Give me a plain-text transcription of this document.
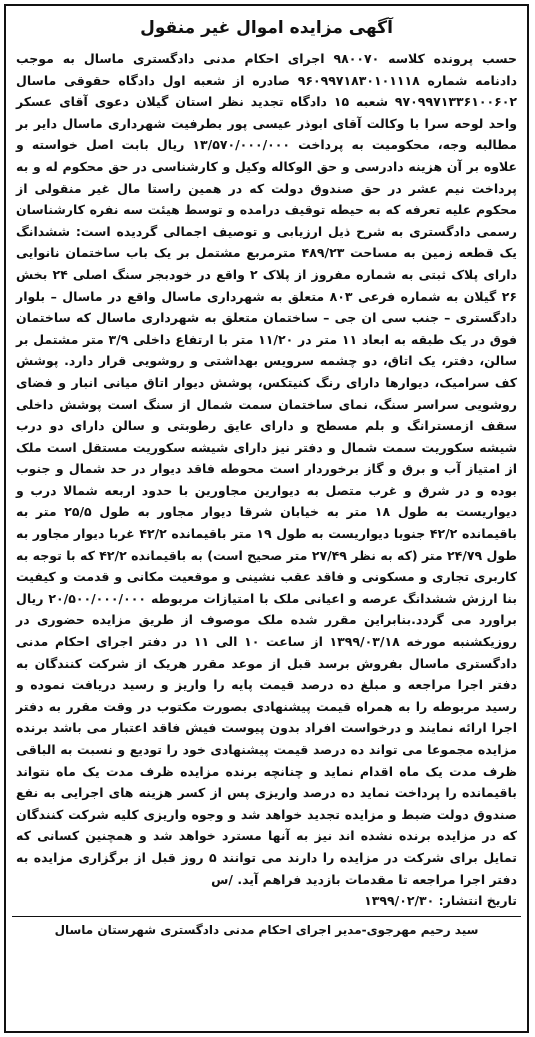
آگهی مزایده اموال غیر منقول

حسب پرونده کلاسه ۹۸۰۰۷۰ اجرای احکام مدنی دادگستری ماسال به موجب دادنامه شماره ۹۶۰۹۹۷۱۸۳۰۱۰۱۱۱۸ صادره از شعبه اول دادگاه حقوقی ماسال ۹۷۰۹۹۷۱۳۳۶۱۰۰۶۰۲ شعبه ۱۵ دادگاه تجدید نظر استان گیلان دعوی آقای عسکر واحد لوحه سرا با وکالت آقای ابوذر عیسی پور بطرفیت شهرداری ماسال دایر بر مطالبه وجه، محکومیت به پرداخت ۱۳/۵۷۰/۰۰۰/۰۰۰ ریال بابت اصل خواسته و علاوه بر آن هزینه دادرسی و حق الوکاله وکیل و کارشناسی در حق محکوم له و به پرداخت نیم عشر در حق صندوق دولت که در همین راستا مال غیر منقولی از محکوم علیه تعرفه که به حیطه توقیف درامده و توسط هیئت سه نفره کارشناسان رسمی دادگستری به شرح ذیل ارزیابی و توصیف اجمالی گردیده است: ششدانگ یک قطعه زمین به مساحت ۴۸۹/۲۳ مترمربع مشتمل بر یک باب ساختمان نانوایی دارای پلاک ثبتی به شماره مفروز از پلاک ۲ واقع در خودبجر سنگ اصلی ۲۴ بخش ۲۶ گیلان به شماره فرعی ۸۰۳ متعلق به شهرداری ماسال واقع در ماسال – بلوار دادگستری – جنب سی ان جی – ساختمان متعلق به شهرداری ماسال که ساختمان فوق در یک طبقه به ابعاد ۱۱ متر در ۱۱/۲۰ متر با ارتفاع داخلی ۳/۹ متر مشتمل بر سالن، دفتر، یک اتاق، دو چشمه سرویس بهداشتی و روشویی قرار دارد. پوشش کف سرامیک، دیوارها دارای رنگ کنیتکس، پوشش دیوار اتاق میانی انبار و فضای روشویی سراسر سنگ، نمای ساختمان سمت شمال از سنگ است پوشش داخلی سقف ازمسترانگ و بلم مسطح و دارای عایق رطوبتی و سالن دارای دو درب شیشه سکوریت سمت شمال و دفتر نیز دارای شیشه سکوریت مستقل است ملک از امتیاز آب و برق و گاز برخوردار است محوطه فاقد دیوار در حد شمال و جنوب بوده و در شرق و غرب متصل به دیوارین مجاورین با حدود اربعه شمالا درب و دیواریست به طول ۱۸ متر به خیابان شرقا دیوار مجاور به طول ۲۵/۵ متر به باقیمانده ۴۲/۲ جنوبا دیواریست به طول ۱۹ متر باقیمانده ۴۲/۲ غربا دیوار مجاور به طول ۲۴/۷۹ متر (که به نظر ۲۷/۴۹ متر صحیح است) به باقیمانده ۴۲/۲ که با توجه به کاربری تجاری و مسکونی و فاقد عقب نشینی و موقعیت مکانی و قدمت و کیفیت بنا ارزش ششدانگ عرصه و اعیانی ملک با امتیازات مربوطه ۲۰/۵۰۰/۰۰۰/۰۰۰ ریال براورد می گردد.بنابراین مقرر شده ملک موصوف از طریق مزایده حضوری در روزیکشنبه مورخه ۱۳۹۹/۰۳/۱۸ از ساعت ۱۰ الی ۱۱ در دفتر اجرای احکام مدنی دادگستری ماسال بفروش برسد قبل از موعد مقرر هریک از شرکت کنندگان به دفتر اجرا مراجعه و مبلغ ده درصد قیمت پایه را واریز و رسید دریافت نموده و رسید مربوطه را به همراه قیمت پیشنهادی بصورت مکتوب در وقت مقرر به دفتر اجرا ارائه نمایند و درخواست افراد بدون پیوست فیش فاقد اعتبار می باشد برنده مزایده مجموعا می تواند ده درصد قیمت پیشنهادی خود را تودیع و نسبت به الباقی ظرف مدت یک ماه اقدام نماید و چنانچه برنده مزایده ظرف مدت یک ماه نتواند باقیمانده را پرداخت نماید ده درصد واریزی پس از کسر هزینه های اجرایی به نفع صندوق دولت ضبط و مزایده تجدید خواهد شد و وجوه واریزی کلیه شرکت کنندگان که در مزایده برنده نشده اند نیز به آنها مسترد خواهد شد و همچنین کسانی که تمایل برای شرکت در مزایده را دارند می توانند ۵ روز قبل از برگزاری مزایده به دفتر اجرا مراجعه تا مقدمات بازدید فراهم آید. /س

تاریخ انتشار: ۱۳۹۹/۰۲/۳۰

سید رحیم مهرجوی-مدیر اجرای احکام مدنی دادگستری شهرستان ماسال
